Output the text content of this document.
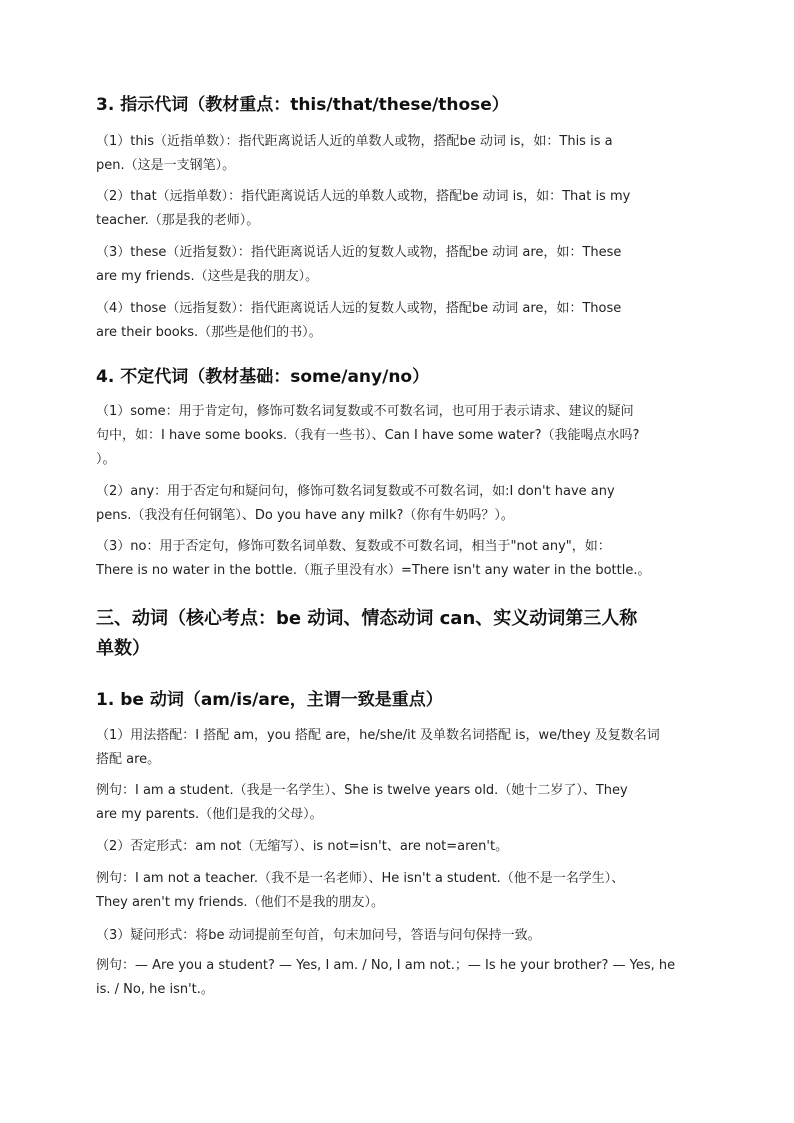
3. 指示代词（教材重点：this/that/these/those）
（1）this（近指单数）：指代距离说话人近的单数人或物，搭配be 动词 is，如：This is a
pen.（这是一支钢笔）。
（2）that（远指单数）：指代距离说话人远的单数人或物，搭配be 动词 is，如：That is my
teacher.（那是我的老师）。
（3）these（近指复数）：指代距离说话人近的复数人或物，搭配be 动词 are，如：These
are my friends.（这些是我的朋友）。
（4）those（远指复数）：指代距离说话人远的复数人或物，搭配be 动词 are，如：Those
are their books.（那些是他们的书）。
4. 不定代词（教材基础：some/any/no）
（1）some：用于肯定句，修饰可数名词复数或不可数名词，也可用于表示请求、建议的疑问
句中，如：I have some books.（我有一些书）、Can I have some water?（我能喝点水吗?
）。
（2）any：用于否定句和疑问句，修饰可数名词复数或不可数名词，如:I don't have any
pens.（我没有任何钢笔）、Do you have any milk?（你有牛奶吗？）。
（3）no：用于否定句，修饰可数名词单数、复数或不可数名词，相当于"not any"，如：
There is no water in the bottle.（瓶子里没有水）=There isn't any water in the bottle.。
三、动词（核心考点：be 动词、情态动词 can、实义动词第三人称
单数）
1. be 动词（am/is/are，主谓一致是重点）
（1）用法搭配：I 搭配 am，you 搭配 are，he/she/it 及单数名词搭配 is，we/they 及复数名词
搭配 are。
例句：I am a student.（我是一名学生）、She is twelve years old.（她十二岁了）、They
are my parents.（他们是我的父母）。
（2）否定形式：am not（无缩写）、is not=isn't、are not=aren't。
例句：I am not a teacher.（我不是一名老师）、He isn't a student.（他不是一名学生）、
They aren't my friends.（他们不是我的朋友）。
（3）疑问形式：将be 动词提前至句首，句末加问号，答语与问句保持一致。
例句：— Are you a student? — Yes, I am. / No, I am not.；— Is he your brother? — Yes, he
is. / No, he isn't.。
